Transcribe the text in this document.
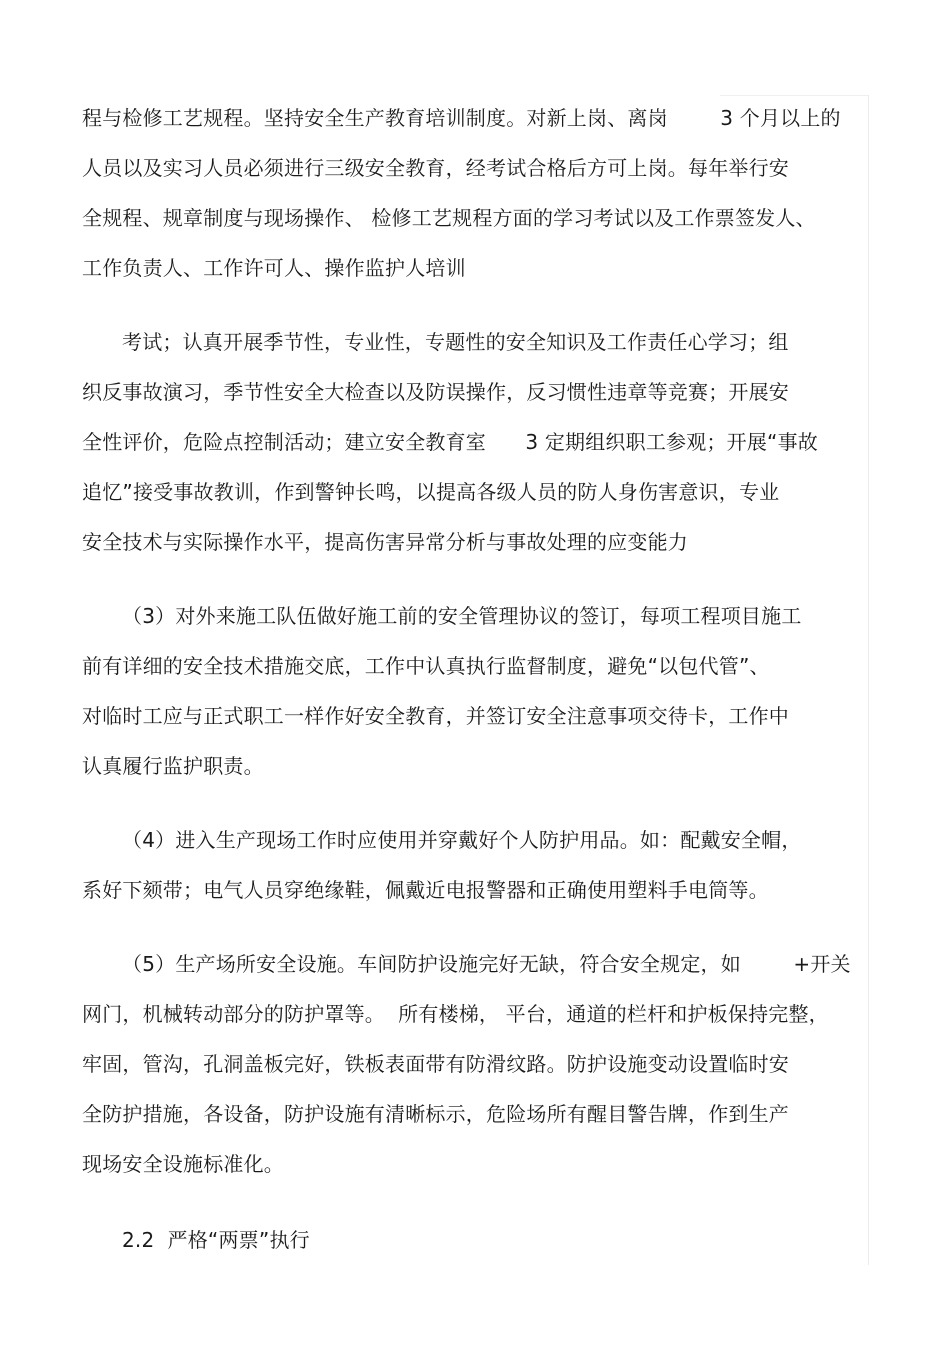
程与检修工艺规程。坚持安全生产教育培训制度。对新上岗、离岗        3 个月以上的
人员以及实习人员必须进行三级安全教育，经考试合格后方可上岗。每年举行安
全规程、规章制度与现场操作、 检修工艺规程方面的学习考试以及工作票签发人、
工作负责人、工作许可人、操作监护人培训
考试；认真开展季节性，专业性，专题性的安全知识及工作责任心学习；组
织反事故演习，季节性安全大检查以及防误操作，反习惯性违章等竞赛；开展安
全性评价，危险点控制活动；建立安全教育室      3 定期组织职工参观；开展“事故
追忆”接受事故教训，作到警钟长鸣，以提高各级人员的防人身伤害意识，专业
安全技术与实际操作水平，提高伤害异常分析与事故处理的应变能力
（3）对外来施工队伍做好施工前的安全管理协议的签订，每项工程项目施工
前有详细的安全技术措施交底，工作中认真执行监督制度，避免“以包代管”、
对临时工应与正式职工一样作好安全教育，并签订安全注意事项交待卡，工作中
认真履行监护职责。
（4）进入生产现场工作时应使用并穿戴好个人防护用品。如：配戴安全帽，
系好下颏带；电气人员穿绝缘鞋，佩戴近电报警器和正确使用塑料手电筒等。
（5）生产场所安全设施。车间防护设施完好无缺，符合安全规定，如        +开关
网门，机械转动部分的防护罩等。  所有楼梯， 平台，通道的栏杆和护板保持完整，
牢固，管沟，孔洞盖板完好，铁板表面带有防滑纹路。防护设施变动设置临时安
全防护措施，各设备，防护设施有清晰标示，危险场所有醒目警告牌，作到生产
现场安全设施标准化。
2.2  严格“两票”执行
